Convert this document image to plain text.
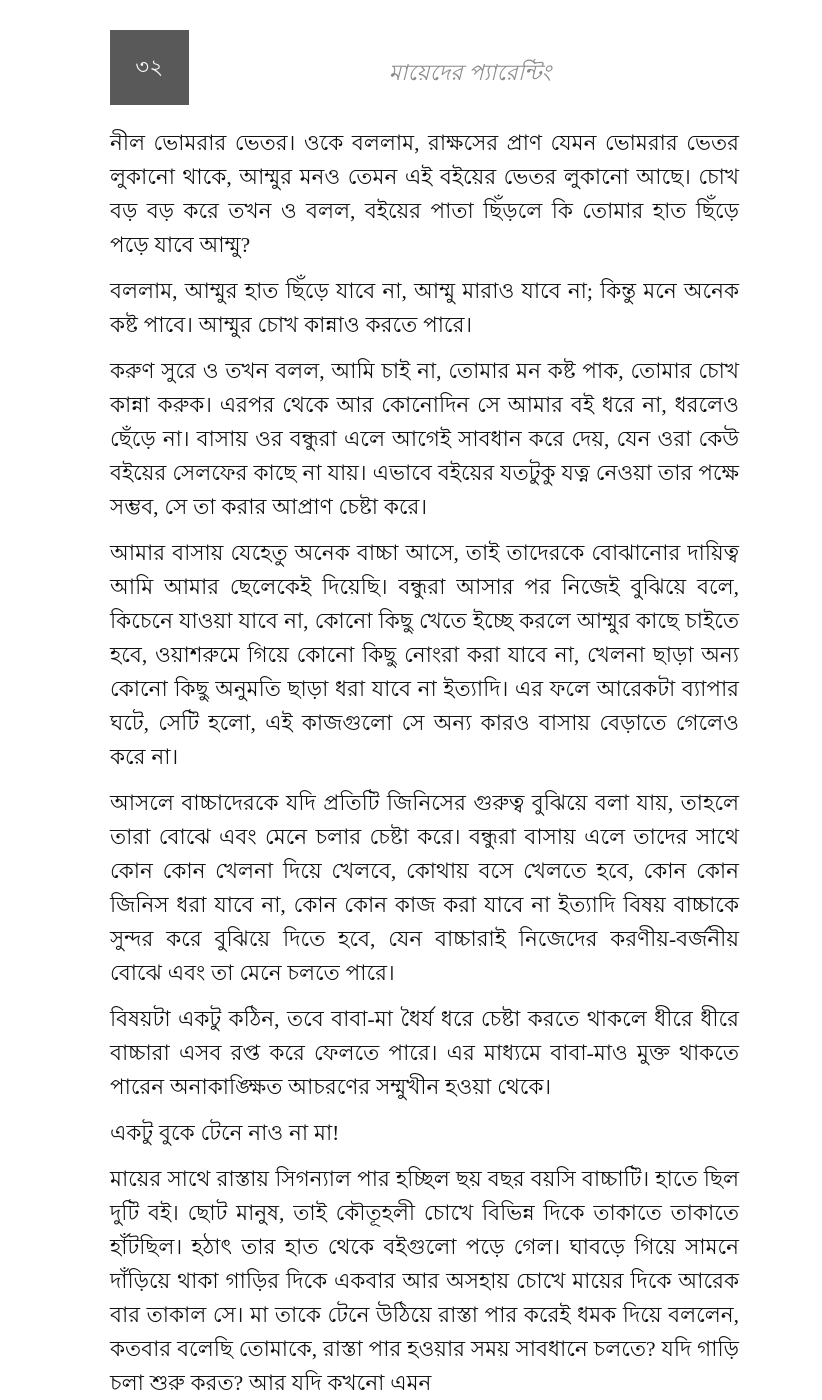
৩২	মায়েদের প্যারেন্টিং

নীল ভোমরার ভেতর। ওকে বললাম, রাক্ষসের প্রাণ যেমন ভোমরার ভেতর লুকানো থাকে, আম্মুর মনও তেমন এই বইয়ের ভেতর লুকানো আছে। চোখ বড় বড় করে তখন ও বলল, বইয়ের পাতা ছিঁড়লে কি তোমার হাত ছিঁড়ে পড়ে যাবে আম্মু?

বললাম, আম্মুর হাত ছিঁড়ে যাবে না, আম্মু মারাও যাবে না; কিন্তু মনে অনেক কষ্ট পাবে। আম্মুর চোখ কান্নাও করতে পারে।

করুণ সুরে ও তখন বলল, আমি চাই না, তোমার মন কষ্ট পাক, তোমার চোখ কান্না করুক। এরপর থেকে আর কোনোদিন সে আমার বই ধরে না, ধরলেও ছেঁড়ে না। বাসায় ওর বন্ধুরা এলে আগেই সাবধান করে দেয়, যেন ওরা কেউ বইয়ের সেলফের কাছে না যায়। এভাবে বইয়ের যতটুকু যত্ন নেওয়া তার পক্ষে সম্ভব, সে তা করার আপ্রাণ চেষ্টা করে।

আমার বাসায় যেহেতু অনেক বাচ্চা আসে, তাই তাদেরকে বোঝানোর দায়িত্ব আমি আমার ছেলেকেই দিয়েছি। বন্ধুরা আসার পর নিজেই বুঝিয়ে বলে, কিচেনে যাওয়া যাবে না, কোনো কিছু খেতে ইচ্ছে করলে আম্মুর কাছে চাইতে হবে, ওয়াশরুমে গিয়ে কোনো কিছু নোংরা করা যাবে না, খেলনা ছাড়া অন্য কোনো কিছু অনুমতি ছাড়া ধরা যাবে না ইত্যাদি। এর ফলে আরেকটা ব্যাপার ঘটে, সেটি হলো, এই কাজগুলো সে অন্য কারও বাসায় বেড়াতে গেলেও করে না।

আসলে বাচ্চাদেরকে যদি প্রতিটি জিনিসের গুরুত্ব বুঝিয়ে বলা যায়, তাহলে তারা বোঝে এবং মেনে চলার চেষ্টা করে। বন্ধুরা বাসায় এলে তাদের সাথে কোন কোন খেলনা দিয়ে খেলবে, কোথায় বসে খেলতে হবে, কোন কোন জিনিস ধরা যাবে না, কোন কোন কাজ করা যাবে না ইত্যাদি বিষয় বাচ্চাকে সুন্দর করে বুঝিয়ে দিতে হবে, যেন বাচ্চারাই নিজেদের করণীয়-বর্জনীয় বোঝে এবং তা মেনে চলতে পারে।

বিষয়টা একটু কঠিন, তবে বাবা-মা ধৈর্য ধরে চেষ্টা করতে থাকলে ধীরে ধীরে বাচ্চারা এসব রপ্ত করে ফেলতে পারে। এর মাধ্যমে বাবা-মাও মুক্ত থাকতে পারেন অনাকাঙ্ক্ষিত আচরণের সম্মুখীন হওয়া থেকে।

একটু বুকে টেনে নাও না মা!

মায়ের সাথে রাস্তায় সিগন্যাল পার হচ্ছিল ছয় বছর বয়সি বাচ্চাটি। হাতে ছিল দুটি বই। ছোট মানুষ, তাই কৌতূহলী চোখে বিভিন্ন দিকে তাকাতে তাকাতে হাঁটছিল। হঠাৎ তার হাত থেকে বইগুলো পড়ে গেল। ঘাবড়ে গিয়ে সামনে দাঁড়িয়ে থাকা গাড়ির দিকে একবার আর অসহায় চোখে মায়ের দিকে আরেক বার তাকাল সে। মা তাকে টেনে উঠিয়ে রাস্তা পার করেই ধমক দিয়ে বললেন, কতবার বলেছি তোমাকে, রাস্তা পার হওয়ার সময় সাবধানে চলতে? যদি গাড়ি চলা শুরু করত? আর যদি কখনো এমন
